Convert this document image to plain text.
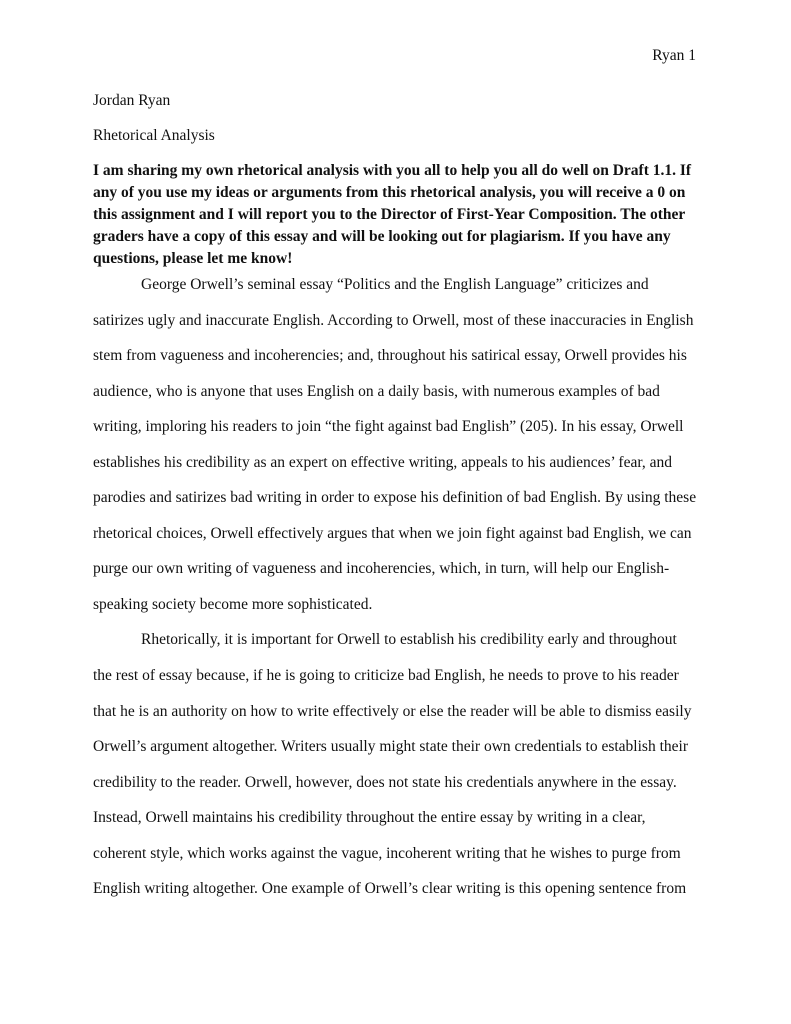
Ryan 1
Jordan Ryan
Rhetorical Analysis
I am sharing my own rhetorical analysis with you all to help you all do well on Draft 1.1. If
any of you use my ideas or arguments from this rhetorical analysis, you will receive a 0 on
this assignment and I will report you to the Director of First-Year Composition. The other
graders have a copy of this essay and will be looking out for plagiarism. If you have any
questions, please let me know!
George Orwell’s seminal essay “Politics and the English Language” criticizes and
satirizes ugly and inaccurate English. According to Orwell, most of these inaccuracies in English
stem from vagueness and incoherencies; and, throughout his satirical essay, Orwell provides his
audience, who is anyone that uses English on a daily basis, with numerous examples of bad
writing, imploring his readers to join “the fight against bad English” (205). In his essay, Orwell
establishes his credibility as an expert on effective writing, appeals to his audiences’ fear, and
parodies and satirizes bad writing in order to expose his definition of bad English. By using these
rhetorical choices, Orwell effectively argues that when we join fight against bad English, we can
purge our own writing of vagueness and incoherencies, which, in turn, will help our English-
speaking society become more sophisticated.
Rhetorically, it is important for Orwell to establish his credibility early and throughout
the rest of essay because, if he is going to criticize bad English, he needs to prove to his reader
that he is an authority on how to write effectively or else the reader will be able to dismiss easily
Orwell’s argument altogether. Writers usually might state their own credentials to establish their
credibility to the reader. Orwell, however, does not state his credentials anywhere in the essay.
Instead, Orwell maintains his credibility throughout the entire essay by writing in a clear,
coherent style, which works against the vague, incoherent writing that he wishes to purge from
English writing altogether. One example of Orwell’s clear writing is this opening sentence from
